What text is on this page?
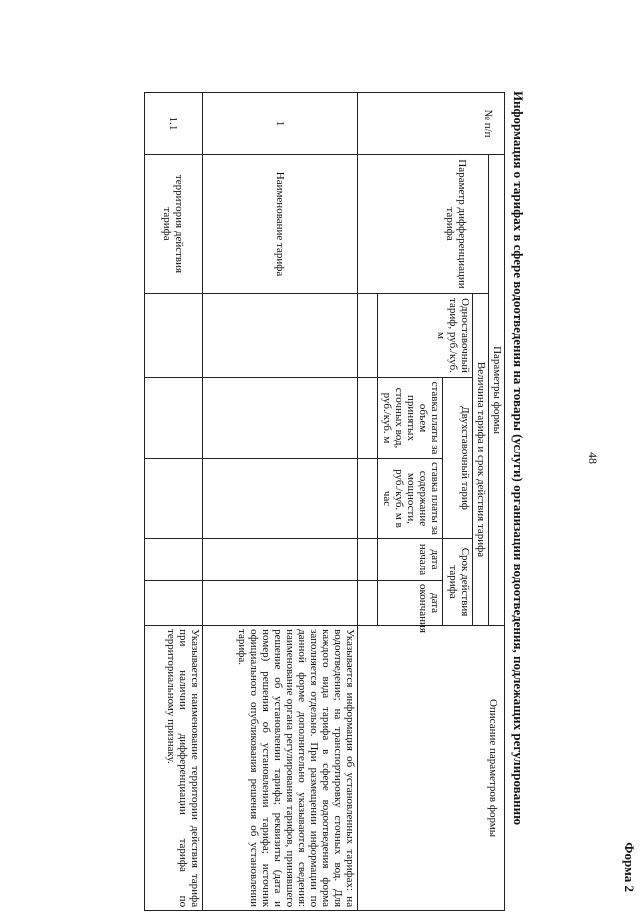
Форма 2
48
Информация о тарифах в сфере водоотведения на товары (услуги) организации водоотведения, подлежащих регулированию
№ п/п	Параметры формы						Описание параметров формы
	Параметр дифференциации тарифа	Величина тарифа и срок действия тарифа					
		Одноставочный тариф, руб./куб. м	Двухставочный тариф		Срок действия тарифа		
			ставка платы за объем принятых сточных вод, руб./куб. м	ставка платы за содержание мощности, руб./куб. м в час	дата начала	дата окончания	

1	Наименование тарифа						Указывается информация об установленных тарифах: на водоотведение; на транспортировку сточных вод. Для каждого вида тарифа в сфере водоотведения форма заполняется отдельно. При размещении информации по данной форме дополнительно указываются сведения: наименование органа регулирования тарифов, принявшего решение об установлении тарифа; реквизиты (дата и номер) решения об установлении тарифа; источник официального опубликования решения об установлении тарифа.
1.1	территория действия тарифа						Указывается наименование территории действия тарифа при наличии дифференциации тарифа по территориальному признаку.
